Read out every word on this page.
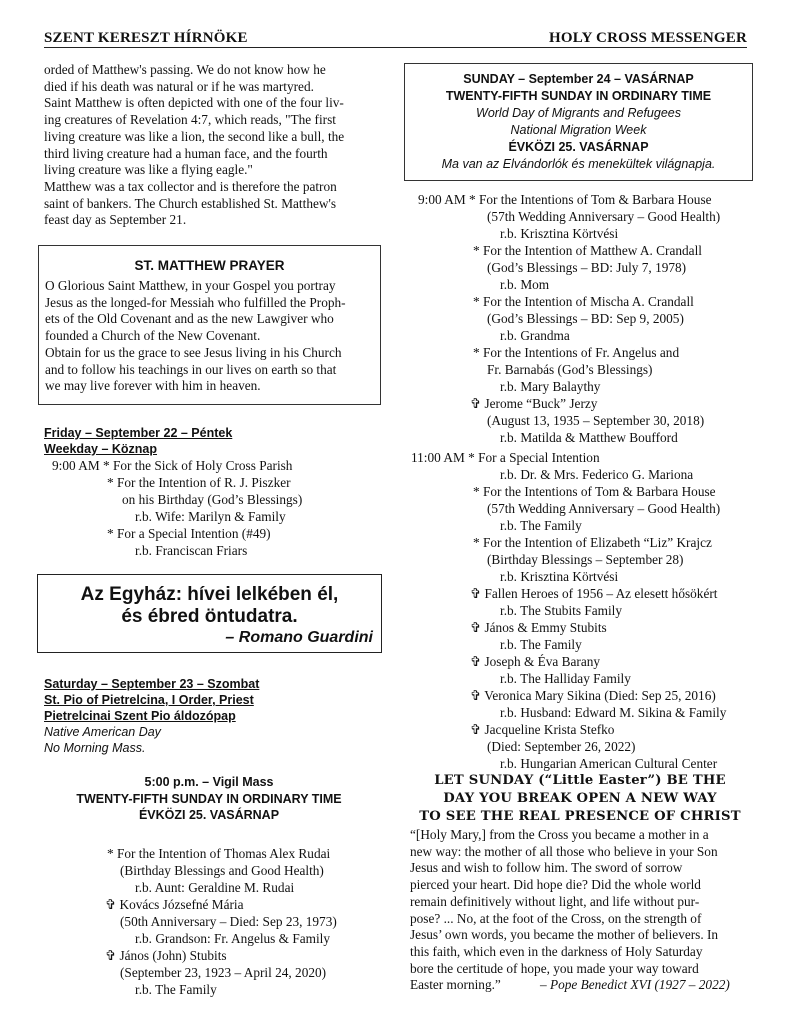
SZENT KERESZT HÍRNÖKE	HOLY CROSS MESSENGER
orded of Matthew's passing. We do not know how he
died if his death was natural or if he was martyred.
Saint Matthew is often depicted with one of the four liv-
ing creatures of Revelation 4:7, which reads, "The first
living creature was like a lion, the second like a bull, the
third living creature had a human face, and the fourth
living creature was like a flying eagle."
Matthew was a tax collector and is therefore the patron
saint of bankers. The Church established St. Matthew's
feast day as September 21.
ST. MATTHEW PRAYER
O Glorious Saint Matthew, in your Gospel you portray
Jesus as the longed-for Messiah who fulfilled the Proph-
ets of the Old Covenant and as the new Lawgiver who
founded a Church of the New Covenant.
Obtain for us the grace to see Jesus living in his Church
and to follow his teachings in our lives on earth so that
we may live forever with him in heaven.
Friday – September 22 – Péntek
Weekday – Köznap
9:00 AM * For the Sick of Holy Cross Parish
* For the Intention of R. J. Piszker
on his Birthday (God’s Blessings)
r.b. Wife: Marilyn & Family
* For a Special Intention (#49)
r.b. Franciscan Friars
Az Egyház: hívei lelkében él,
és ébred öntudatra.
– Romano Guardini
Saturday – September 23 – Szombat
St. Pio of Pietrelcina, I Order, Priest
Pietrelcinai Szent Pio áldozópap
Native American Day
No Morning Mass.
5:00 p.m. – Vigil Mass
TWENTY-FIFTH SUNDAY IN ORDINARY TIME
ÉVKÖZI 25. VASÁRNAP
* For the Intention of Thomas Alex Rudai
(Birthday Blessings and Good Health)
r.b. Aunt: Geraldine M. Rudai
✞ Kovács Józsefné Mária
(50th Anniversary – Died: Sep 23, 1973)
r.b. Grandson: Fr. Angelus & Family
✞ János (John) Stubits
(September 23, 1923 – April 24, 2020)
r.b. The Family
SUNDAY – September 24 – VASÁRNAP
TWENTY-FIFTH SUNDAY IN ORDINARY TIME
World Day of Migrants and Refugees
National Migration Week
ÉVKÖZI 25. VASÁRNAP
Ma van az Elvándorlók és menekültek világnapja.
9:00 AM * For the Intentions of Tom & Barbara House
(57th Wedding Anniversary – Good Health)
r.b. Krisztina Körtvési
* For the Intention of Matthew A. Crandall
(God’s Blessings – BD: July 7, 1978)
r.b. Mom
* For the Intention of Mischa A. Crandall
(God’s Blessings – BD: Sep 9, 2005)
r.b. Grandma
* For the Intentions of Fr. Angelus and
Fr. Barnabás (God’s Blessings)
r.b. Mary Balaythy
✞ Jerome “Buck” Jerzy
(August 13, 1935 – September 30, 2018)
r.b. Matilda & Matthew Boufford
11:00 AM * For a Special Intention
r.b. Dr. & Mrs. Federico G. Mariona
* For the Intentions of Tom & Barbara House
(57th Wedding Anniversary – Good Health)
r.b. The Family
* For the Intention of Elizabeth “Liz” Krajcz
(Birthday Blessings – September 28)
r.b. Krisztina Körtvési
✞ Fallen Heroes of 1956 – Az elesett hősökért
r.b. The Stubits Family
✞ János & Emmy Stubits
r.b. The Family
✞ Joseph & Éva Barany
r.b. The Halliday Family
✞ Veronica Mary Sikina (Died: Sep 25, 2016)
r.b. Husband: Edward M. Sikina & Family
✞ Jacqueline Krista Stefko
(Died: September 26, 2022)
r.b. Hungarian American Cultural Center
LET SUNDAY (“Little Easter”) BE THE
DAY YOU BREAK OPEN A NEW WAY
TO SEE THE REAL PRESENCE OF CHRIST
“[Holy Mary,] from the Cross you became a mother in a
new way: the mother of all those who believe in your Son
Jesus and wish to follow him. The sword of sorrow
pierced your heart. Did hope die? Did the whole world
remain definitively without light, and life without pur-
pose? ... No, at the foot of the Cross, on the strength of
Jesus’ own words, you became the mother of believers. In
this faith, which even in the darkness of Holy Saturday
bore the certitude of hope, you made your way toward
Easter morning.”	– Pope Benedict XVI (1927 – 2022)
